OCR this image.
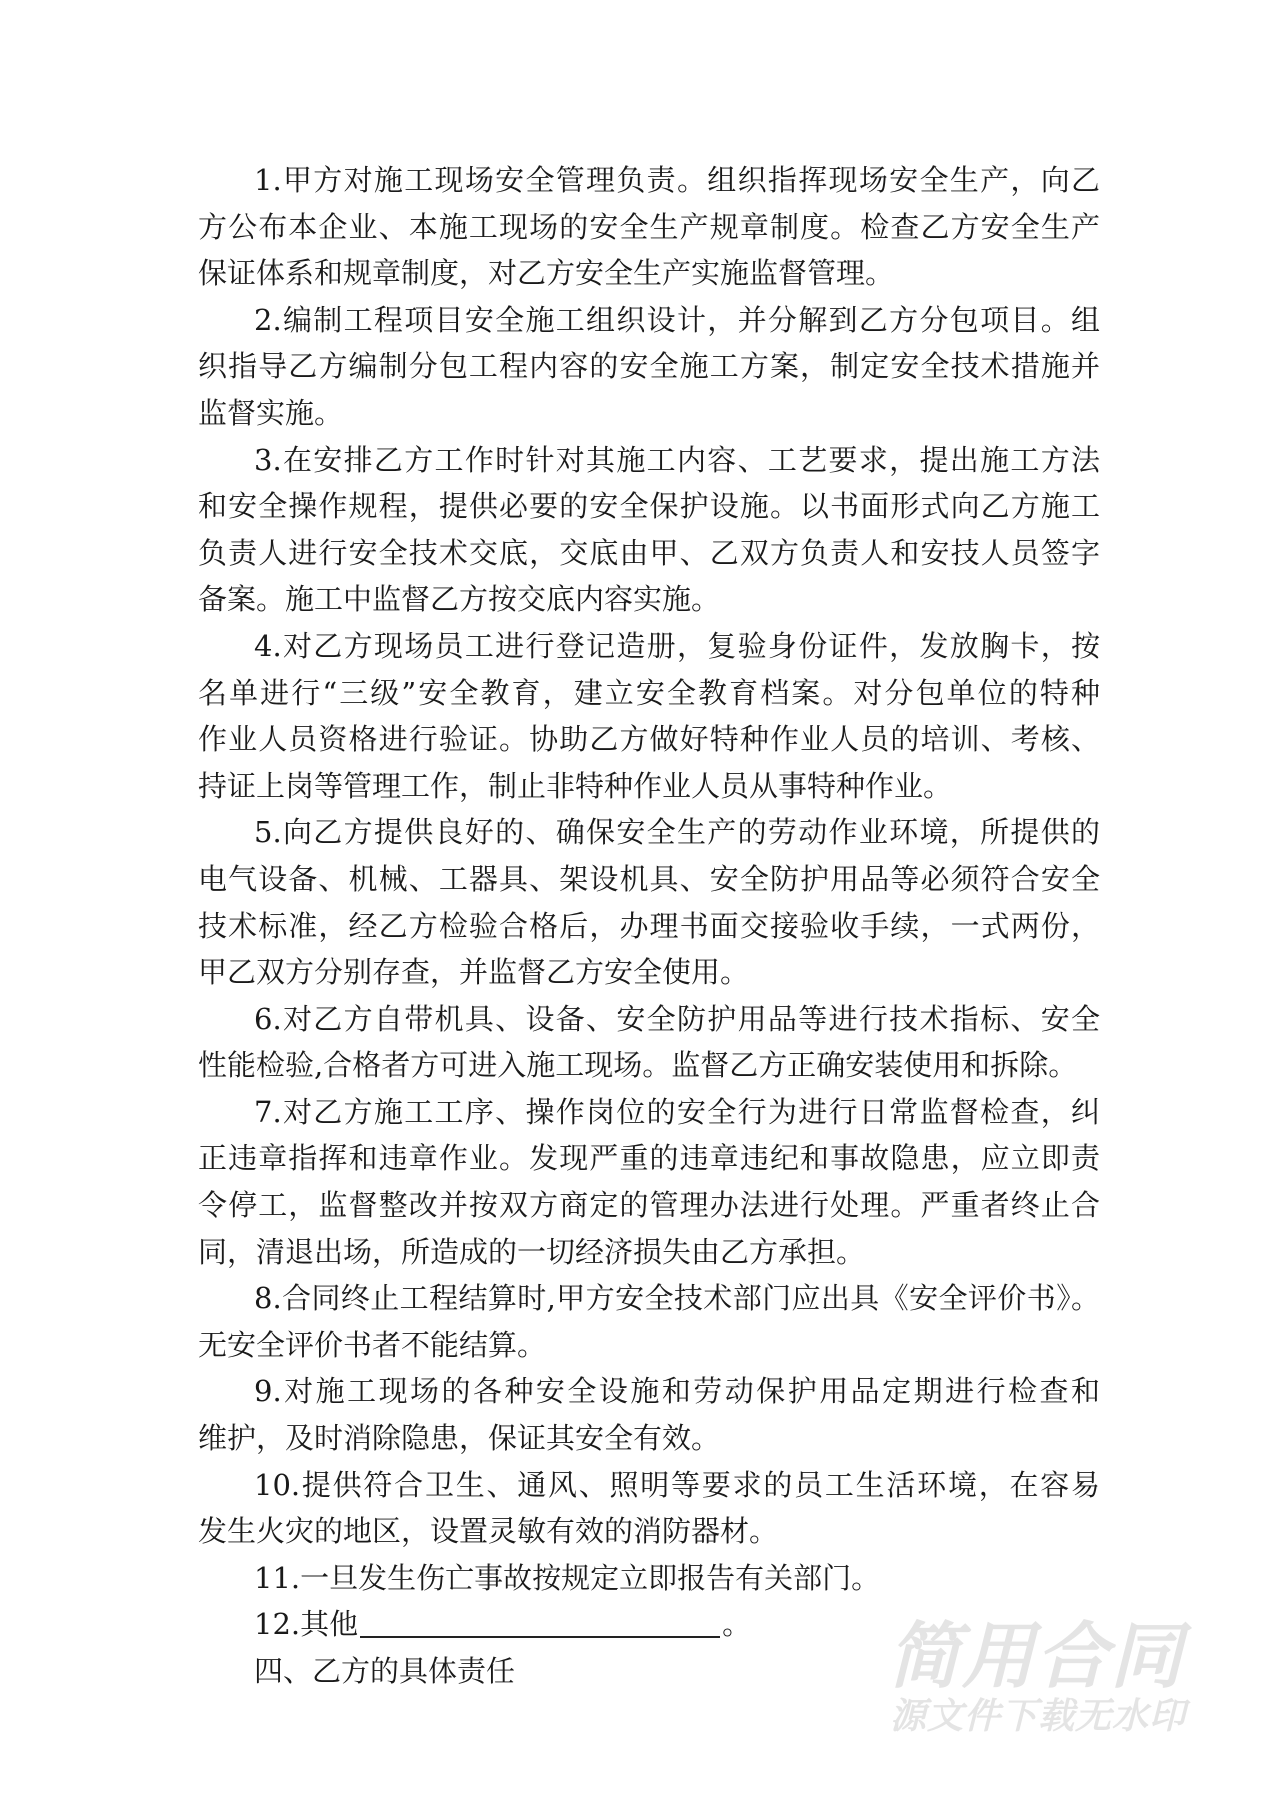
1.甲方对施工现场安全管理负责。组织指挥现场安全生产，向乙
方公布本企业、本施工现场的安全生产规章制度。检查乙方安全生产
保证体系和规章制度，对乙方安全生产实施监督管理。
2.编制工程项目安全施工组织设计，并分解到乙方分包项目。组
织指导乙方编制分包工程内容的安全施工方案，制定安全技术措施并
监督实施。
3.在安排乙方工作时针对其施工内容、工艺要求，提出施工方法
和安全操作规程，提供必要的安全保护设施。以书面形式向乙方施工
负责人进行安全技术交底，交底由甲、乙双方负责人和安技人员签字
备案。施工中监督乙方按交底内容实施。
4.对乙方现场员工进行登记造册，复验身份证件，发放胸卡，按
名单进行“三级”安全教育，建立安全教育档案。对分包单位的特种
作业人员资格进行验证。协助乙方做好特种作业人员的培训、考核、
持证上岗等管理工作，制止非特种作业人员从事特种作业。
5.向乙方提供良好的、确保安全生产的劳动作业环境，所提供的
电气设备、机械、工器具、架设机具、安全防护用品等必须符合安全
技术标准，经乙方检验合格后，办理书面交接验收手续，一式两份，
甲乙双方分别存查，并监督乙方安全使用。
6.对乙方自带机具、设备、安全防护用品等进行技术指标、安全
性能检验,合格者方可进入施工现场。监督乙方正确安装使用和拆除。
7.对乙方施工工序、操作岗位的安全行为进行日常监督检查，纠
正违章指挥和违章作业。发现严重的违章违纪和事故隐患，应立即责
令停工，监督整改并按双方商定的管理办法进行处理。严重者终止合
同，清退出场，所造成的一切经济损失由乙方承担。
8.合同终止工程结算时,甲方安全技术部门应出具《安全评价书》。
无安全评价书者不能结算。
9.对施工现场的各种安全设施和劳动保护用品定期进行检查和
维护，及时消除隐患，保证其安全有效。
10.提供符合卫生、通风、照明等要求的员工生活环境，在容易
发生火灾的地区，设置灵敏有效的消防器材。
11.一旦发生伤亡事故按规定立即报告有关部门。
12.其他	。
四、乙方的具体责任	简用合同
源文件下载无水印
